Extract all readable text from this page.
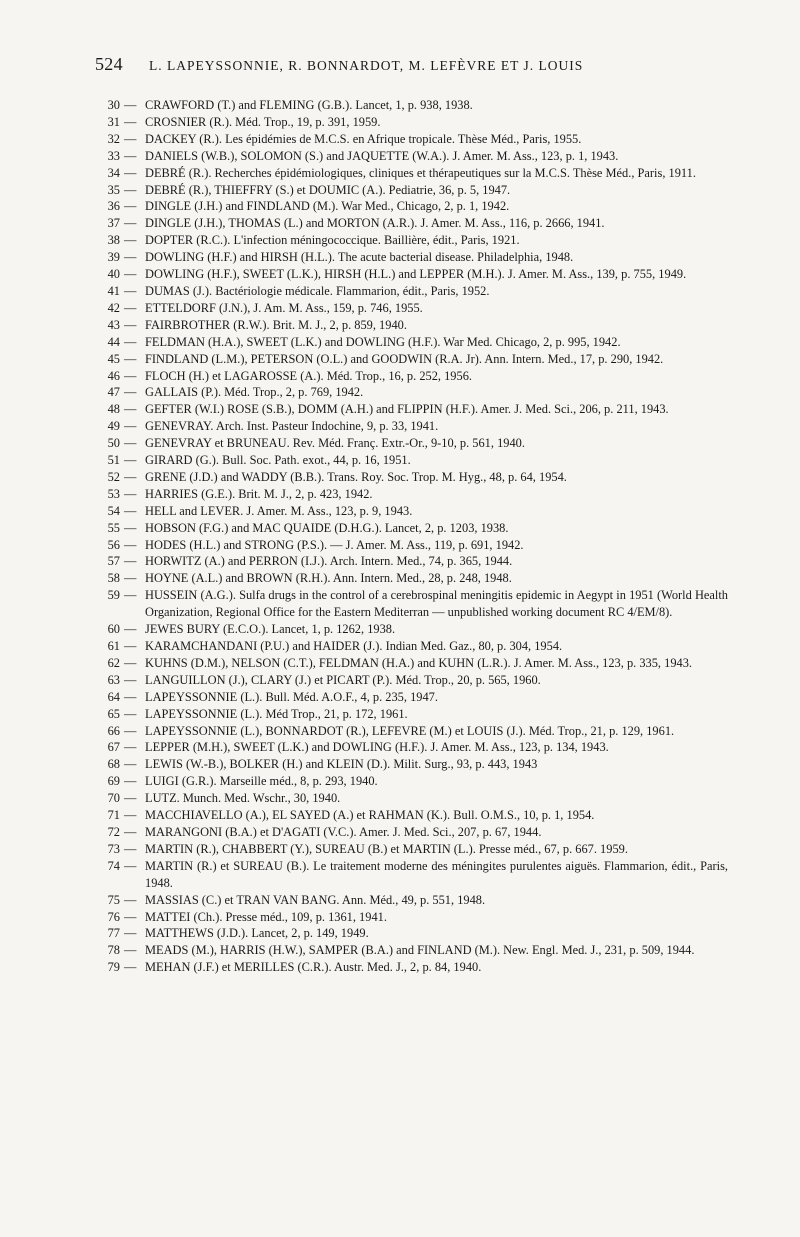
524 L. LAPEYSSONNIE, R. BONNARDOT, M. LEFÈVRE ET J. LOUIS
30 — CRAWFORD (T.) and FLEMING (G.B.). Lancet, 1, p. 938, 1938.
31 — CROSNIER (R.). Méd. Trop., 19, p. 391, 1959.
32 — DACKEY (R.). Les épidémies de M.C.S. en Afrique tropicale. Thèse Méd., Paris, 1955.
33 — DANIELS (W.B.), SOLOMON (S.) and JAQUETTE (W.A.). J. Amer. M. Ass., 123, p. 1, 1943.
34 — DEBRÉ (R.). Recherches épidémiologiques, cliniques et thérapeutiques sur la M.C.S. Thèse Méd., Paris, 1911.
35 — DEBRÉ (R.), THIEFFRY (S.) et DOUMIC (A.). Pediatrie, 36, p. 5, 1947.
36 — DINGLE (J.H.) and FINDLAND (M.). War Med., Chicago, 2, p. 1, 1942.
37 — DINGLE (J.H.), THOMAS (L.) and MORTON (A.R.). J. Amer. M. Ass., 116, p. 2666, 1941.
38 — DOPTER (R.C.). L'infection méningococcique. Baillière, édit., Paris, 1921.
39 — DOWLING (H.F.) and HIRSH (H.L.). The acute bacterial disease. Philadelphia, 1948.
40 — DOWLING (H.F.), SWEET (L.K.), HIRSH (H.L.) and LEPPER (M.H.). J. Amer. M. Ass., 139, p. 755, 1949.
41 — DUMAS (J.). Bactériologie médicale. Flammarion, édit., Paris, 1952.
42 — ETTELDORF (J.N.), J. Am. M. Ass., 159, p. 746, 1955.
43 — FAIRBROTHER (R.W.). Brit. M. J., 2, p. 859, 1940.
44 — FELDMAN (H.A.), SWEET (L.K.) and DOWLING (H.F.). War Med. Chicago, 2, p. 995, 1942.
45 — FINDLAND (L.M.), PETERSON (O.L.) and GOODWIN (R.A. Jr). Ann. Intern. Med., 17, p. 290, 1942.
46 — FLOCH (H.) et LAGAROSSE (A.). Méd. Trop., 16, p. 252, 1956.
47 — GALLAIS (P.). Méd. Trop., 2, p. 769, 1942.
48 — GEFTER (W.I.) ROSE (S.B.), DOMM (A.H.) and FLIPPIN (H.F.). Amer. J. Med. Sci., 206, p. 211, 1943.
49 — GENEVRAY. Arch. Inst. Pasteur Indochine, 9, p. 33, 1941.
50 — GENEVRAY et BRUNEAU. Rev. Méd. Franç. Extr.-Or., 9-10, p. 561, 1940.
51 — GIRARD (G.). Bull. Soc. Path. exot., 44, p. 16, 1951.
52 — GRENE (J.D.) and WADDY (B.B.). Trans. Roy. Soc. Trop. M. Hyg., 48, p. 64, 1954.
53 — HARRIES (G.E.). Brit. M. J., 2, p. 423, 1942.
54 — HELL and LEVER. J. Amer. M. Ass., 123, p. 9, 1943.
55 — HOBSON (F.G.) and MAC QUAIDE (D.H.G.). Lancet, 2, p. 1203, 1938.
56 — HODES (H.L.) and STRONG (P.S.). — J. Amer. M. Ass., 119, p. 691, 1942.
57 — HORWITZ (A.) and PERRON (I.J.). Arch. Intern. Med., 74, p. 365, 1944.
58 — HOYNE (A.L.) and BROWN (R.H.). Ann. Intern. Med., 28, p. 248, 1948.
59 — HUSSEIN (A.G.). Sulfa drugs in the control of a cerebrospinal meningitis epidemic in Aegypt in 1951 (World Health Organization, Regional Office for the Eastern Mediterran — unpublished working document RC 4/EM/8).
60 — JEWES BURY (E.C.O.). Lancet, 1, p. 1262, 1938.
61 — KARAMCHANDANI (P.U.) and HAIDER (J.). Indian Med. Gaz., 80, p. 304, 1954.
62 — KUHNS (D.M.), NELSON (C.T.), FELDMAN (H.A.) and KUHN (L.R.). J. Amer. M. Ass., 123, p. 335, 1943.
63 — LANGUILLON (J.), CLARY (J.) et PICART (P.). Méd. Trop., 20, p. 565, 1960.
64 — LAPEYSSONNIE (L.). Bull. Méd. A.O.F., 4, p. 235, 1947.
65 — LAPEYSSONNIE (L.). Méd Trop., 21, p. 172, 1961.
66 — LAPEYSSONNIE (L.), BONNARDOT (R.), LEFEVRE (M.) et LOUIS (J.). Méd. Trop., 21, p. 129, 1961.
67 — LEPPER (M.H.), SWEET (L.K.) and DOWLING (H.F.). J. Amer. M. Ass., 123, p. 134, 1943.
68 — LEWIS (W.-B.), BOLKER (H.) and KLEIN (D.). Milit. Surg., 93, p. 443, 1943
69 — LUIGI (G.R.). Marseille méd., 8, p. 293, 1940.
70 — LUTZ. Munch. Med. Wschr., 30, 1940.
71 — MACCHIAVELLO (A.), EL SAYED (A.) et RAHMAN (K.). Bull. O.M.S., 10, p. 1, 1954.
72 — MARANGONI (B.A.) et D'AGATI (V.C.). Amer. J. Med. Sci., 207, p. 67, 1944.
73 — MARTIN (R.), CHABBERT (Y.), SUREAU (B.) et MARTIN (L.). Presse méd., 67, p. 667. 1959.
74 — MARTIN (R.) et SUREAU (B.). Le traitement moderne des méningites purulentes aiguës. Flammarion, édit., Paris, 1948.
75 — MASSIAS (C.) et TRAN VAN BANG. Ann. Méd., 49, p. 551, 1948.
76 — MATTEI (Ch.). Presse méd., 109, p. 1361, 1941.
77 — MATTHEWS (J.D.). Lancet, 2, p. 149, 1949.
78 — MEADS (M.), HARRIS (H.W.), SAMPER (B.A.) and FINLAND (M.). New. Engl. Med. J., 231, p. 509, 1944.
79 — MEHAN (J.F.) et MERILLES (C.R.). Austr. Med. J., 2, p. 84, 1940.
